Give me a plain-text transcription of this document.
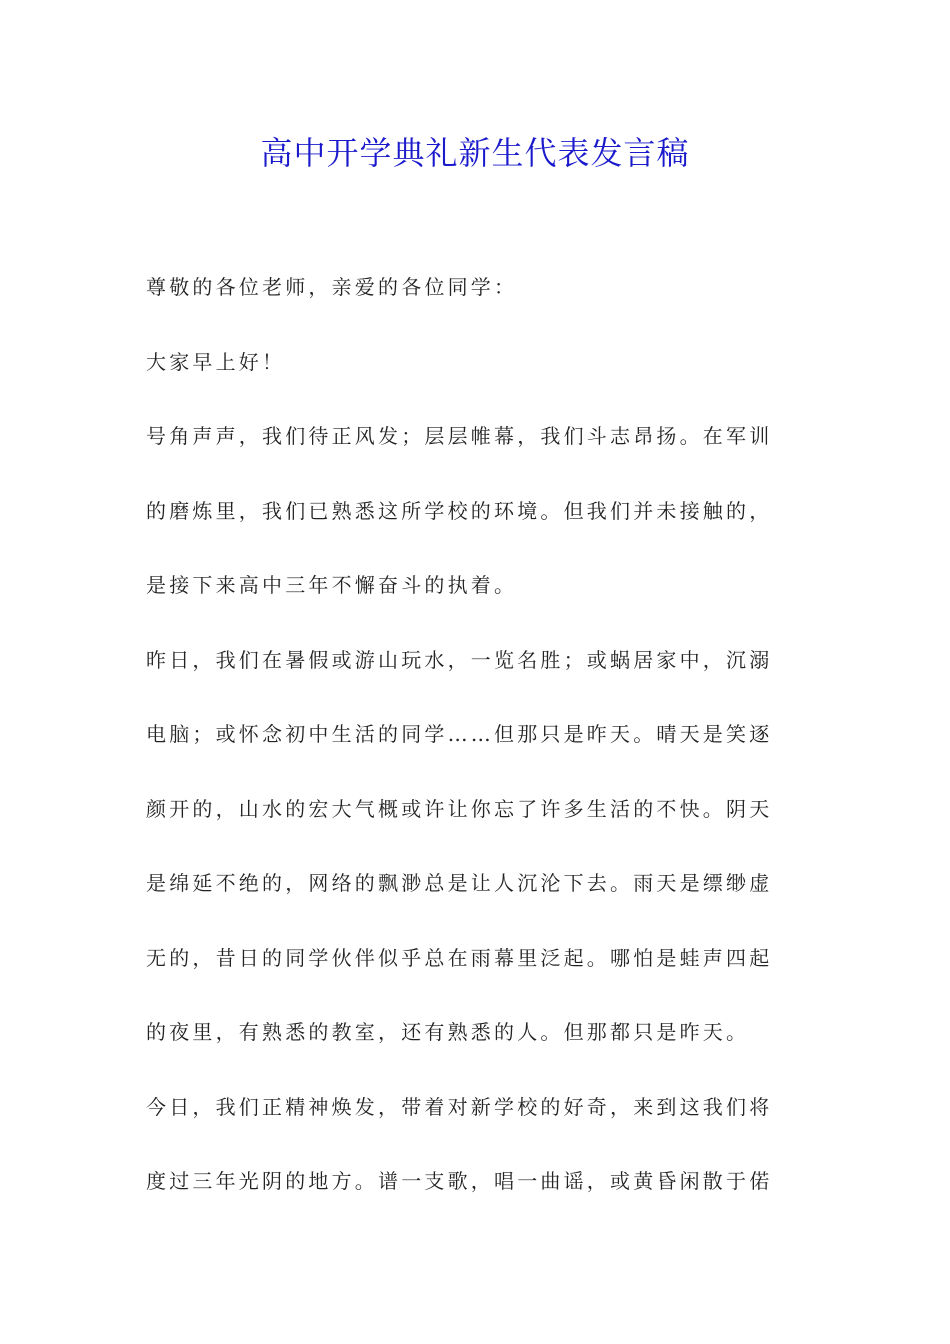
高中开学典礼新生代表发言稿
尊敬的各位老师，亲爱的各位同学：
大家早上好！
号角声声，我们待正风发；层层帷幕，我们斗志昂扬。在军训
的磨炼里，我们已熟悉这所学校的环境。但我们并未接触的，
是接下来高中三年不懈奋斗的执着。
昨日，我们在暑假或游山玩水，一览名胜；或蜗居家中，沉溺
电脑；或怀念初中生活的同学……但那只是昨天。晴天是笑逐
颜开的，山水的宏大气概或许让你忘了许多生活的不快。阴天
是绵延不绝的，网络的飘渺总是让人沉沦下去。雨天是缥缈虚
无的，昔日的同学伙伴似乎总在雨幕里泛起。哪怕是蛙声四起
的夜里，有熟悉的教室，还有熟悉的人。但那都只是昨天。
今日，我们正精神焕发，带着对新学校的好奇，来到这我们将
度过三年光阴的地方。谱一支歌，唱一曲谣，或黄昏闲散于偌
